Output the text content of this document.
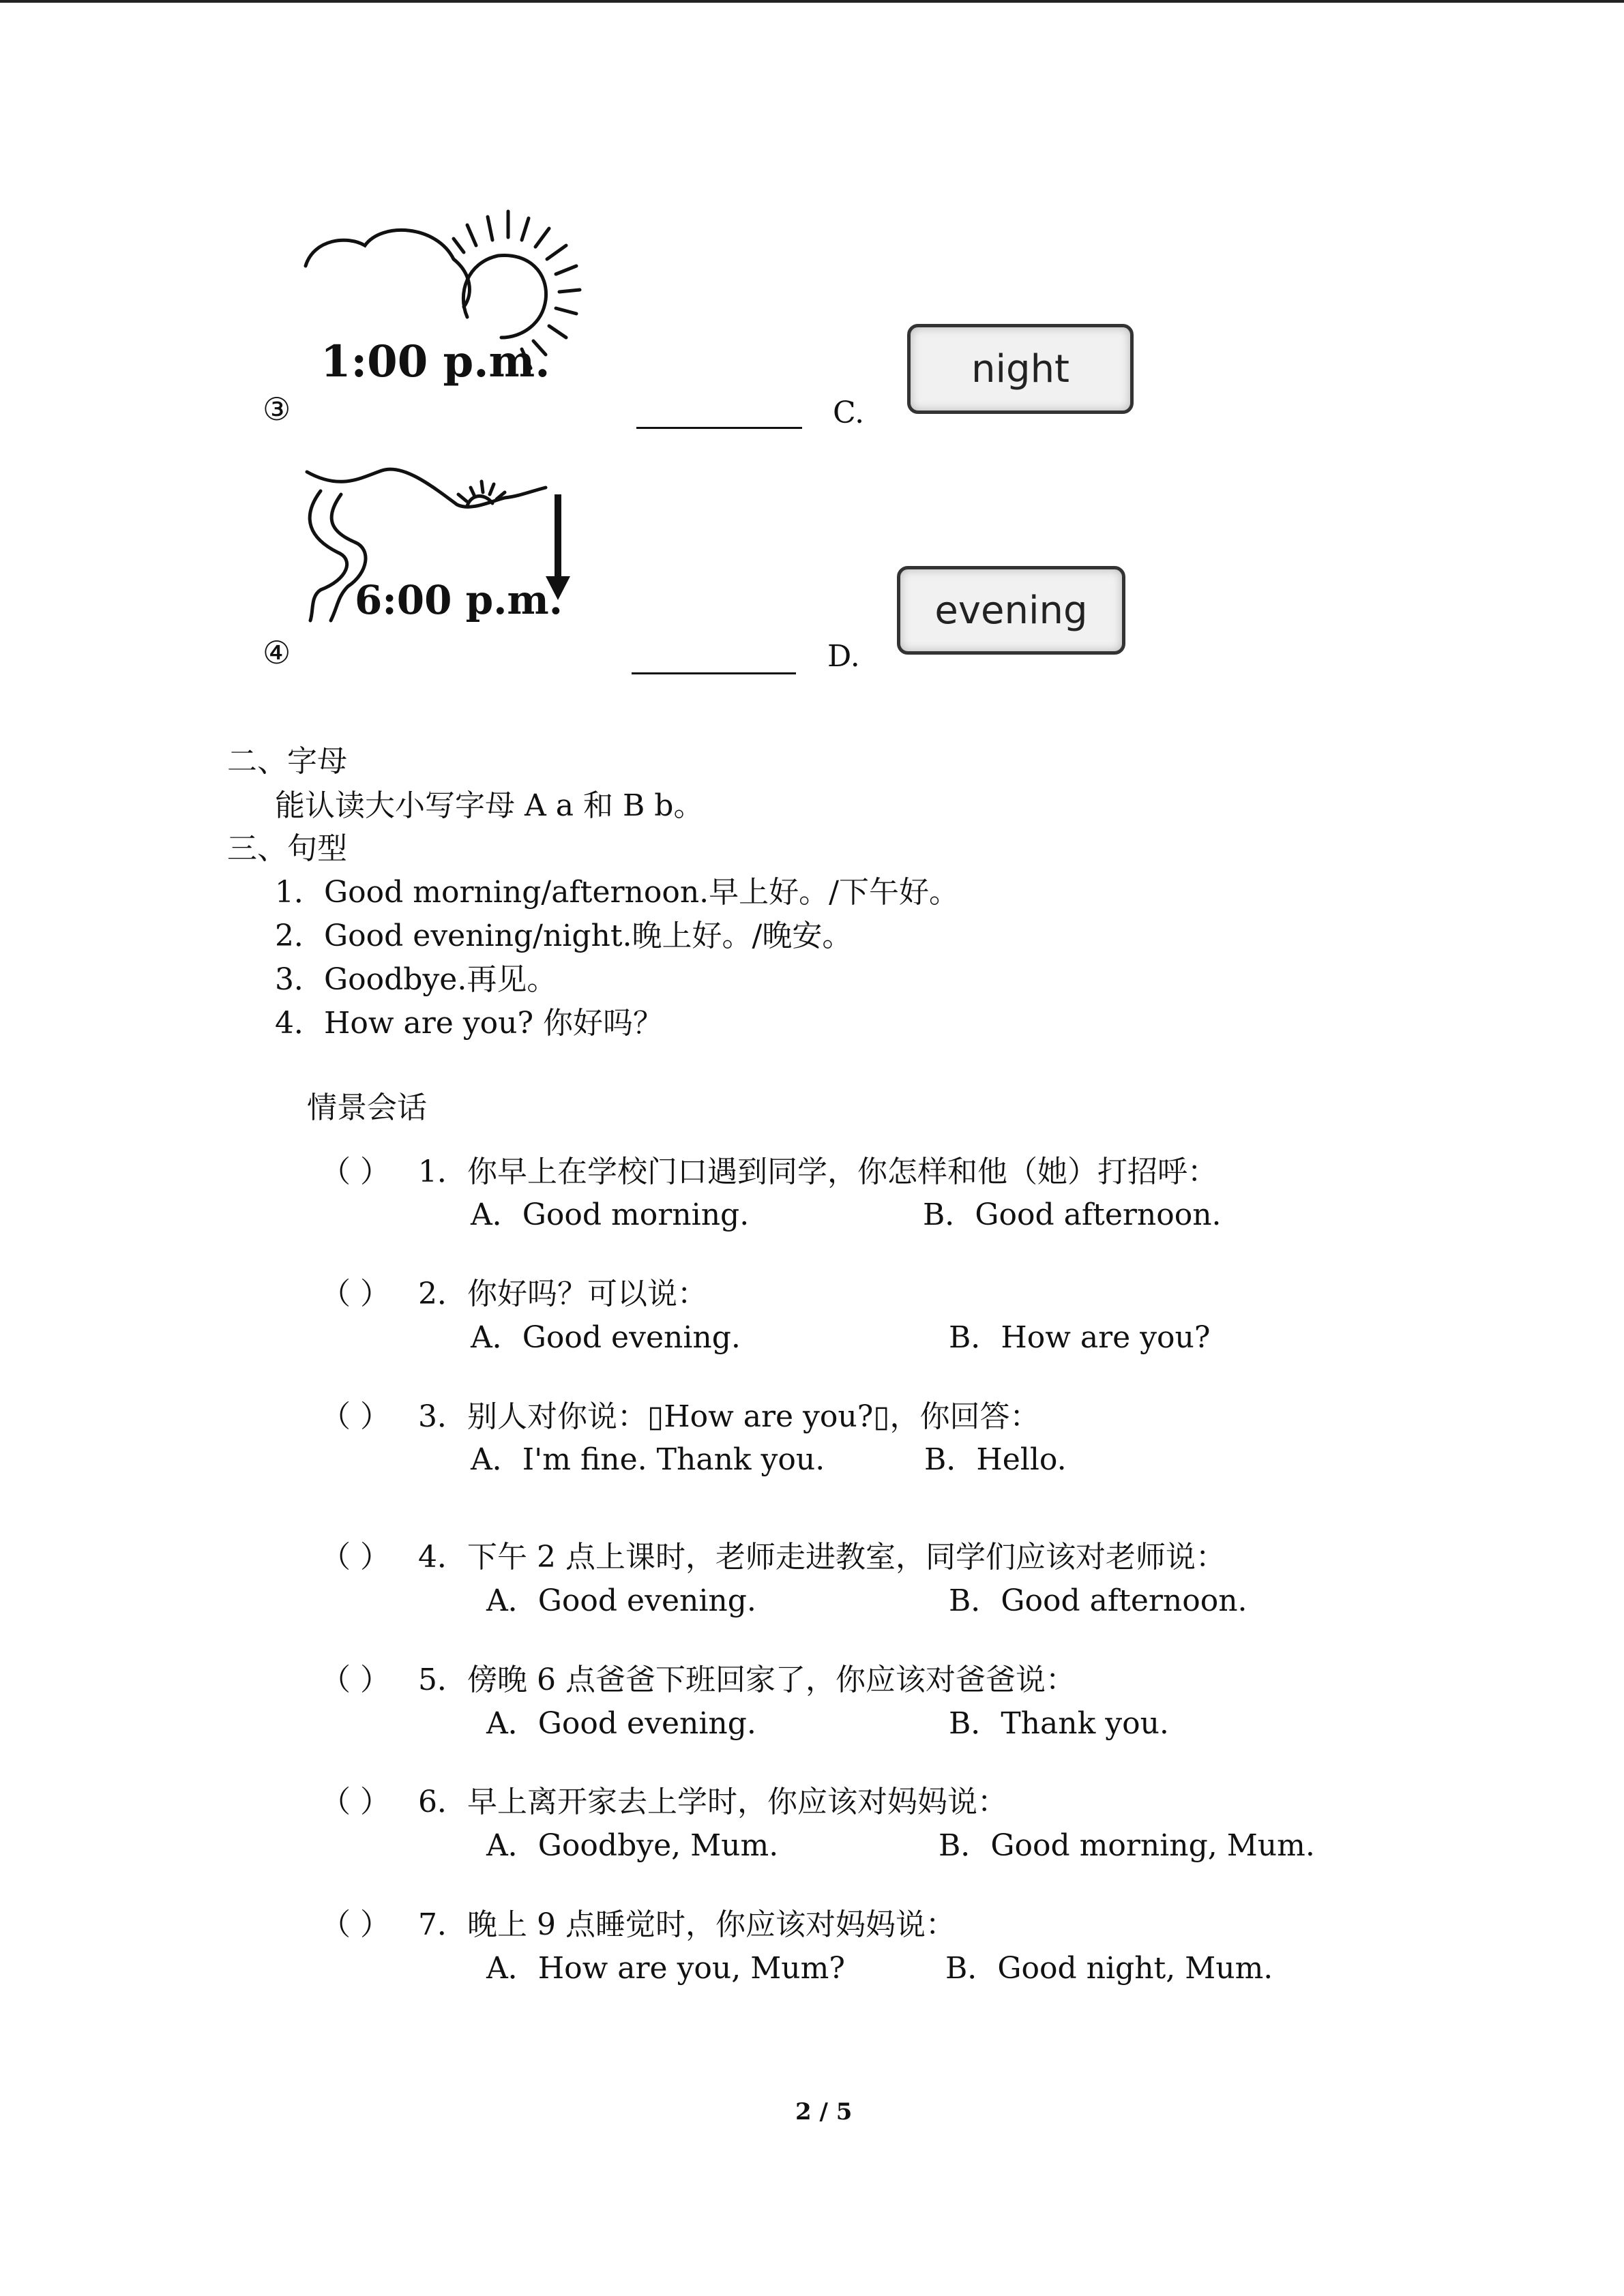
1:00 p.m.
③	C.
night
6:00 p.m.
④	D.
evening
二、字母
能认读大小写字母 A a 和 B b。
三、句型
1．Good morning/afternoon.早上好。/下午好。
2．Good evening/night.晚上好。/晚安。
3．Goodbye.再见。
4．How are you? 你好吗？
情景会话
（ ） 1．你早上在学校门口遇到同学，你怎样和他（她）打招呼：
A．Good morning.	B．Good afternoon.
（ ） 2．你好吗？可以说：
A．Good evening.	B．How are you?
（ ） 3．别人对你说：▯How are you?▯，你回答：
A．I'm fine. Thank you.	B．Hello.
（ ） 4．下午 2 点上课时，老师走进教室，同学们应该对老师说：
A．Good evening.	B．Good afternoon.
（ ） 5．傍晚 6 点爸爸下班回家了，你应该对爸爸说：
A．Good evening.	B．Thank you.
（ ） 6．早上离开家去上学时，你应该对妈妈说：
A．Goodbye, Mum.	B．Good morning, Mum.
（ ） 7．晚上 9 点睡觉时，你应该对妈妈说：
A．How are you, Mum?	B．Good night, Mum.
2 / 5
